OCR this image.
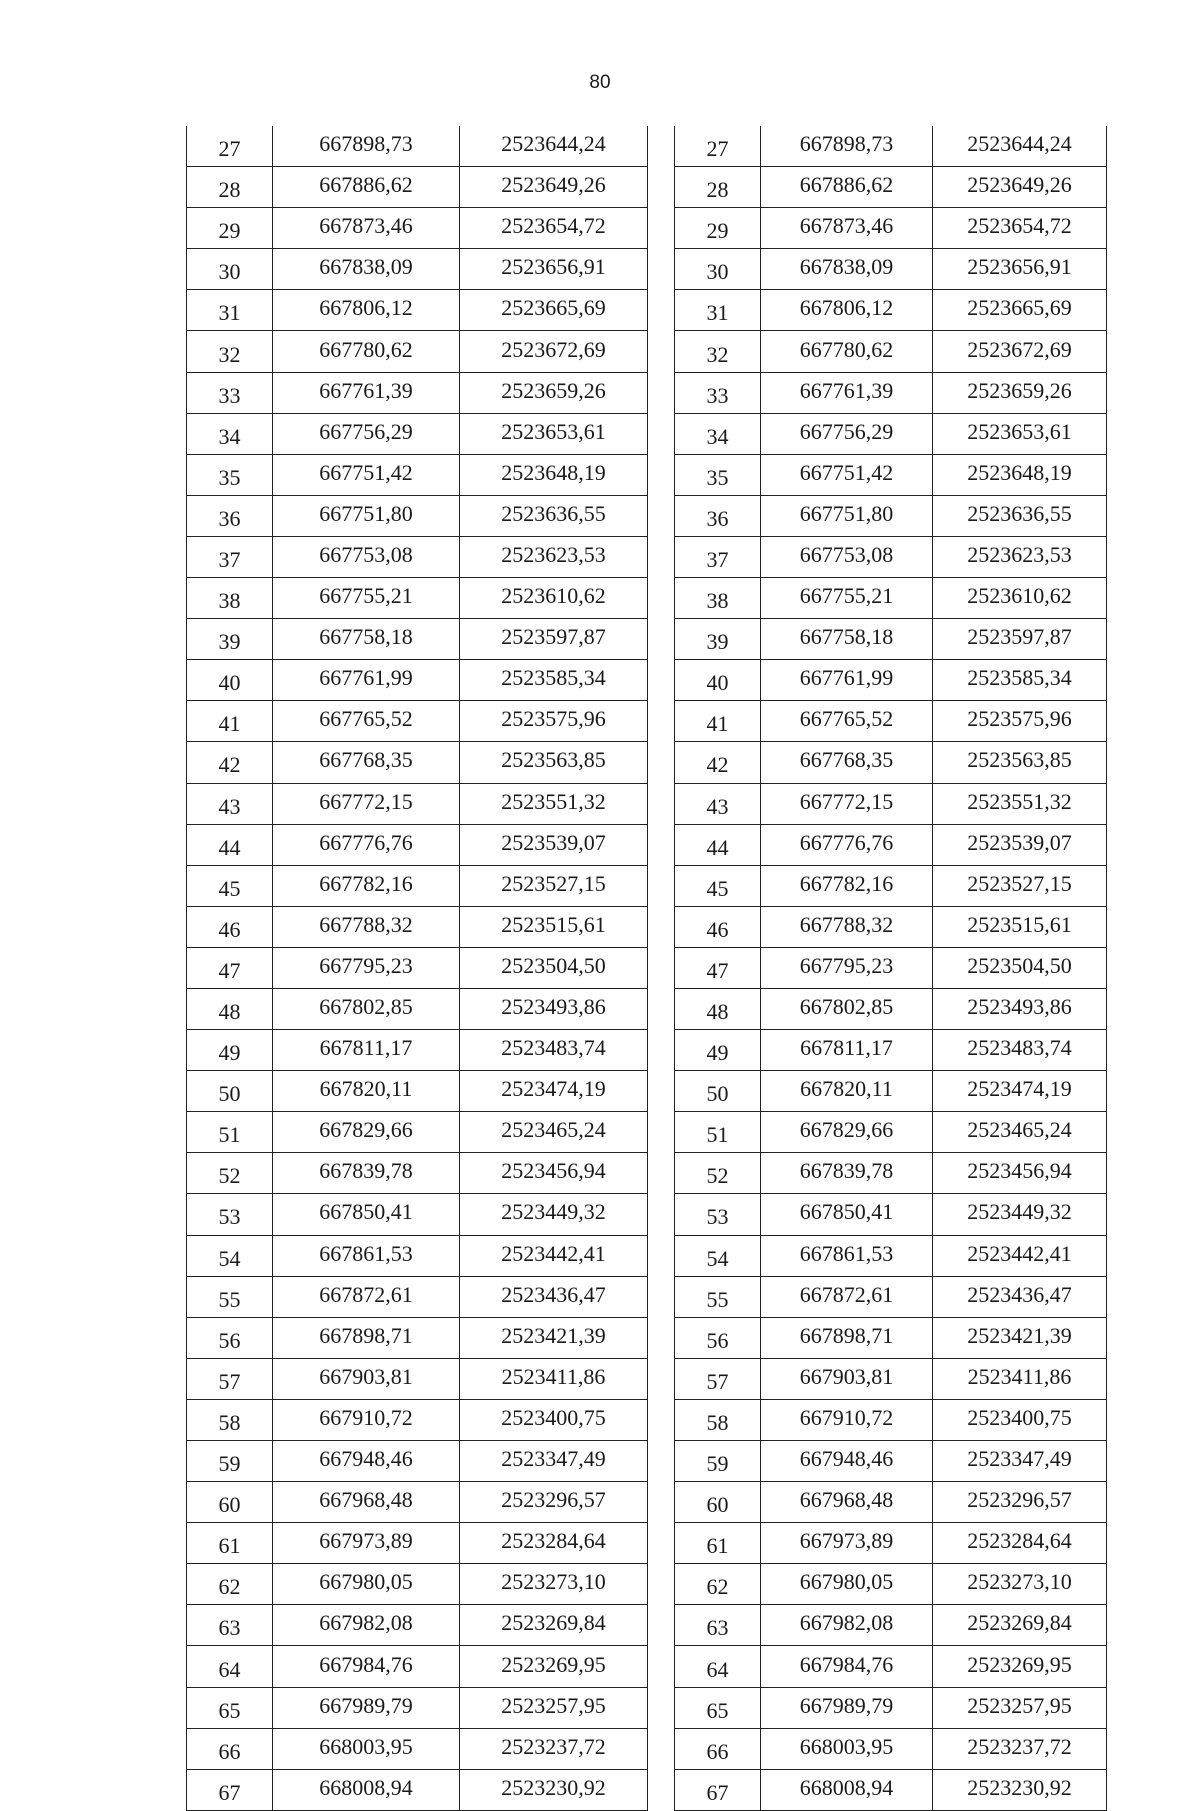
80
27	667898,73	2523644,24
28	667886,62	2523649,26
29	667873,46	2523654,72
30	667838,09	2523656,91
31	667806,12	2523665,69
32	667780,62	2523672,69
33	667761,39	2523659,26
34	667756,29	2523653,61
35	667751,42	2523648,19
36	667751,80	2523636,55
37	667753,08	2523623,53
38	667755,21	2523610,62
39	667758,18	2523597,87
40	667761,99	2523585,34
41	667765,52	2523575,96
42	667768,35	2523563,85
43	667772,15	2523551,32
44	667776,76	2523539,07
45	667782,16	2523527,15
46	667788,32	2523515,61
47	667795,23	2523504,50
48	667802,85	2523493,86
49	667811,17	2523483,74
50	667820,11	2523474,19
51	667829,66	2523465,24
52	667839,78	2523456,94
53	667850,41	2523449,32
54	667861,53	2523442,41
55	667872,61	2523436,47
56	667898,71	2523421,39
57	667903,81	2523411,86
58	667910,72	2523400,75
59	667948,46	2523347,49
60	667968,48	2523296,57
61	667973,89	2523284,64
62	667980,05	2523273,10
63	667982,08	2523269,84
64	667984,76	2523269,95
65	667989,79	2523257,95
66	668003,95	2523237,72
67	668008,94	2523230,92
27	667898,73	2523644,24
28	667886,62	2523649,26
29	667873,46	2523654,72
30	667838,09	2523656,91
31	667806,12	2523665,69
32	667780,62	2523672,69
33	667761,39	2523659,26
34	667756,29	2523653,61
35	667751,42	2523648,19
36	667751,80	2523636,55
37	667753,08	2523623,53
38	667755,21	2523610,62
39	667758,18	2523597,87
40	667761,99	2523585,34
41	667765,52	2523575,96
42	667768,35	2523563,85
43	667772,15	2523551,32
44	667776,76	2523539,07
45	667782,16	2523527,15
46	667788,32	2523515,61
47	667795,23	2523504,50
48	667802,85	2523493,86
49	667811,17	2523483,74
50	667820,11	2523474,19
51	667829,66	2523465,24
52	667839,78	2523456,94
53	667850,41	2523449,32
54	667861,53	2523442,41
55	667872,61	2523436,47
56	667898,71	2523421,39
57	667903,81	2523411,86
58	667910,72	2523400,75
59	667948,46	2523347,49
60	667968,48	2523296,57
61	667973,89	2523284,64
62	667980,05	2523273,10
63	667982,08	2523269,84
64	667984,76	2523269,95
65	667989,79	2523257,95
66	668003,95	2523237,72
67	668008,94	2523230,92
